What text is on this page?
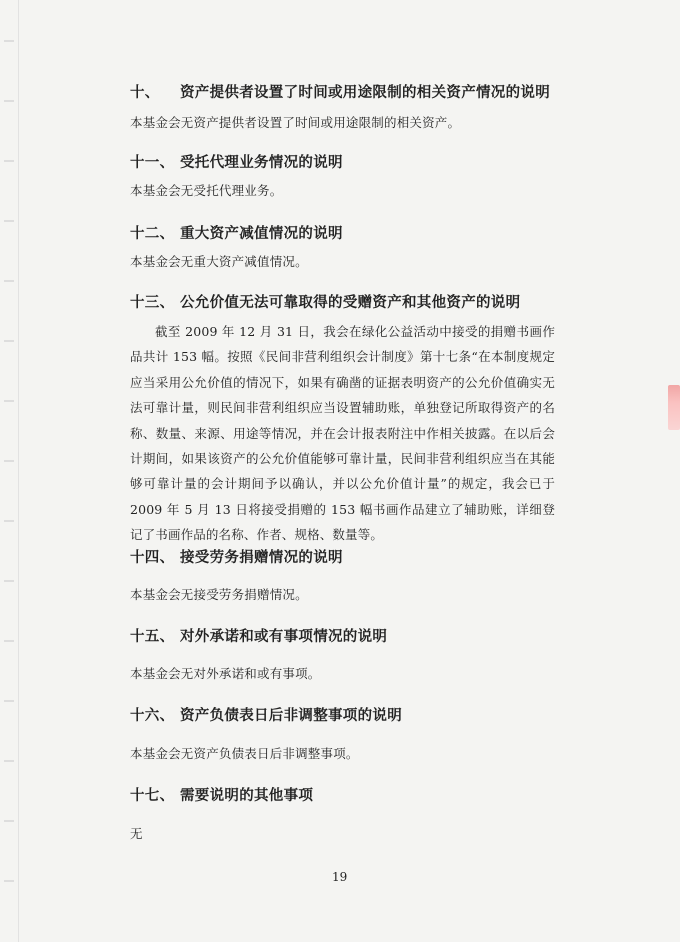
十、 资产提供者设置了时间或用途限制的相关资产情况的说明
本基金会无资产提供者设置了时间或用途限制的相关资产。
十一、 受托代理业务情况的说明
本基金会无受托代理业务。
十二、 重大资产减值情况的说明
本基金会无重大资产减值情况。
十三、 公允价值无法可靠取得的受赠资产和其他资产的说明
截至 2009 年 12 月 31 日，我会在绿化公益活动中接受的捐赠书画作品共计 153 幅。按照《民间非营利组织会计制度》第十七条“在本制度规定应当采用公允价值的情况下，如果有确凿的证据表明资产的公允价值确实无法可靠计量，则民间非营利组织应当设置辅助账，单独登记所取得资产的名称、数量、来源、用途等情况，并在会计报表附注中作相关披露。在以后会计期间，如果该资产的公允价值能够可靠计量，民间非营利组织应当在其能够可靠计量的会计期间予以确认，并以公允价值计量”的规定，我会已于 2009 年 5 月 13 日将接受捐赠的 153 幅书画作品建立了辅助账，详细登记了书画作品的名称、作者、规格、数量等。
十四、 接受劳务捐赠情况的说明
本基金会无接受劳务捐赠情况。
十五、 对外承诺和或有事项情况的说明
本基金会无对外承诺和或有事项。
十六、 资产负债表日后非调整事项的说明
本基金会无资产负债表日后非调整事项。
十七、 需要说明的其他事项
无
19
